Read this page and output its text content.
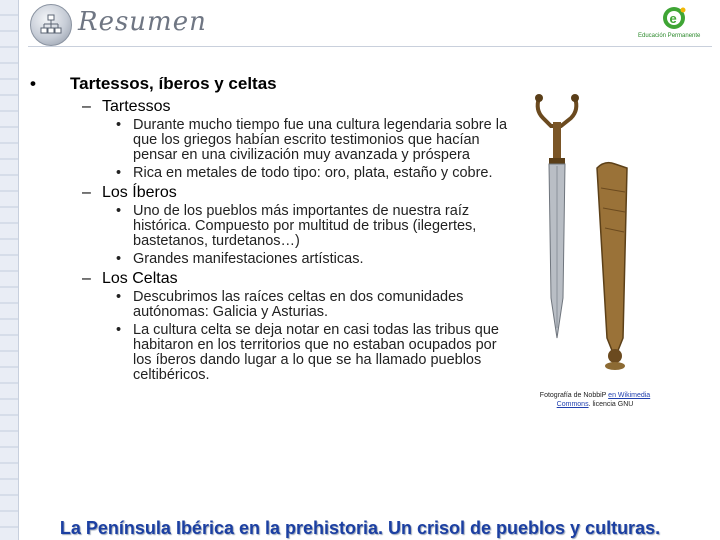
Resumen	e
Educación Permanente
• Tartessos, íberos y celtas
– Tartessos
• Durante mucho tiempo fue una cultura legendaria sobre la que los griegos habían escrito testimonios que hacían pensar en una civilización muy avanzada y próspera
• Rica en metales de todo tipo: oro, plata, estaño y cobre.
– Los Íberos
• Uno de los pueblos más importantes de nuestra raíz histórica. Compuesto por multitud de tribus (ilegertes, bastetanos, turdetanos…)
• Grandes manifestaciones artísticas.
– Los Celtas
• Descubrimos las raíces celtas en dos comunidades autónomas: Galicia y Asturias.
• La cultura celta se deja notar en casi todas las tribus que habitaron en los territorios que no estaban ocupados por los íberos dando lugar a lo que se ha llamado pueblos celtibéricos.
Fotografía de NobbiP en Wikimedia Commons. licencia GNU
La Península Ibérica en la prehistoria. Un crisol de pueblos y culturas.
